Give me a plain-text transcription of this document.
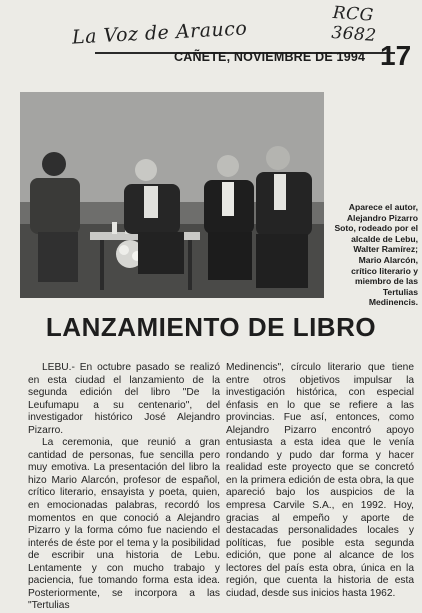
La Voz de Arauco
RCG 3682
CAÑETE, NOVIEMBRE DE 1994 17
Aparece el autor, Alejandro Pizarro Soto, rodeado por el alcalde de Lebu, Walter Ramírez; Mario Alarcón, crítico literario y miembro de las Tertulias Medinencis.
LANZAMIENTO DE LIBRO

LEBU.- En octubre pasado se realizó en esta ciudad el lanzamiento de la segunda edición del libro "De la Leufumapu a su centenario", del investigador histórico José Alejandro Pizarro.

La ceremonia, que reunió a gran cantidad de personas, fue sencilla pero muy emotiva. La presentación del libro la hizo Mario Alarcón, profesor de español, crítico literario, ensayista y poeta, quien, en emocionadas palabras, recordó los momentos en que conoció a Alejandro Pizarro y la forma cómo fue naciendo el interés de éste por el tema y la posibilidad de escribir una historia de Lebu. Lentamente y con mucho trabajo y paciencia, fue tomando forma esta idea. Posteriormente, se incorpora a las "Tertulias

Medinencis", círculo literario que tiene entre otros objetivos impulsar la investigación histórica, con especial énfasis en lo que se refiere a las provincias. Fue así, entonces, como Alejandro Pizarro encontró apoyo entusiasta a esta idea que le venía rondando y pudo dar forma y hacer realidad este proyecto que se concretó en la primera edición de esta obra, la que apareció bajo los auspicios de la empresa Carvile S.A., en 1992. Hoy, gracias al empeño y aporte de destacadas personalidades locales y políticas, fue posible esta segunda edición, que pone al alcance de los lectores del país esta obra, única en la región, que cuenta la historia de esta ciudad, desde sus inicios hasta 1962.
